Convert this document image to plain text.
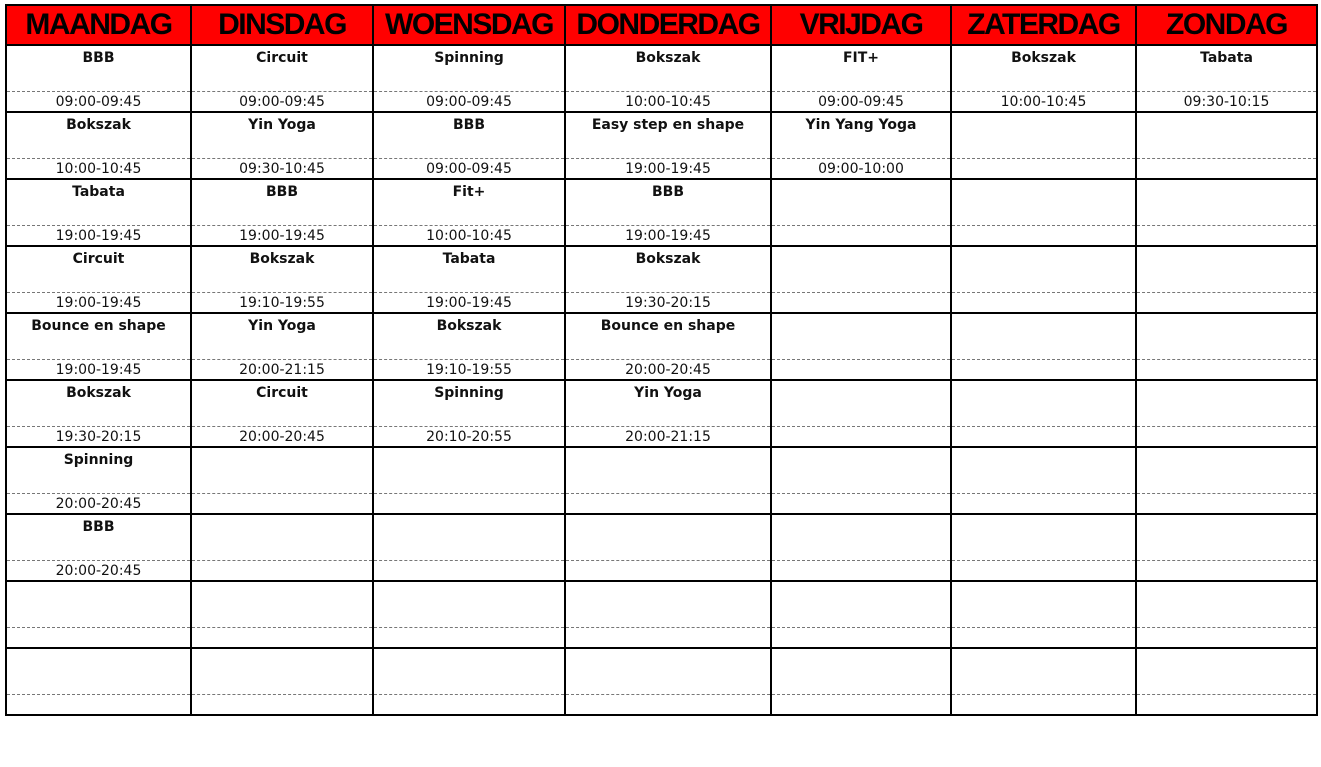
MAANDAG	DINSDAG	WOENSDAG	DONDERDAG	VRIJDAG	ZATERDAG	ZONDAG
BBB	Circuit	Spinning	Bokszak	FIT+	Bokszak	Tabata
09:00-09:45	09:00-09:45	09:00-09:45	10:00-10:45	09:00-09:45	10:00-10:45	09:30-10:15
Bokszak	Yin Yoga	BBB	Easy step en shape	Yin Yang Yoga		
10:00-10:45	09:30-10:45	09:00-09:45	19:00-19:45	09:00-10:00		
Tabata	BBB	Fit+	BBB			
19:00-19:45	19:00-19:45	10:00-10:45	19:00-19:45			
Circuit	Bokszak	Tabata	Bokszak			
19:00-19:45	19:10-19:55	19:00-19:45	19:30-20:15			
Bounce en shape	Yin Yoga	Bokszak	Bounce en shape			
19:00-19:45	20:00-21:15	19:10-19:55	20:00-20:45			
Bokszak	Circuit	Spinning	Yin Yoga			
19:30-20:15	20:00-20:45	20:10-20:55	20:00-21:15			
Spinning						
20:00-20:45						
BBB						
20:00-20:45						
